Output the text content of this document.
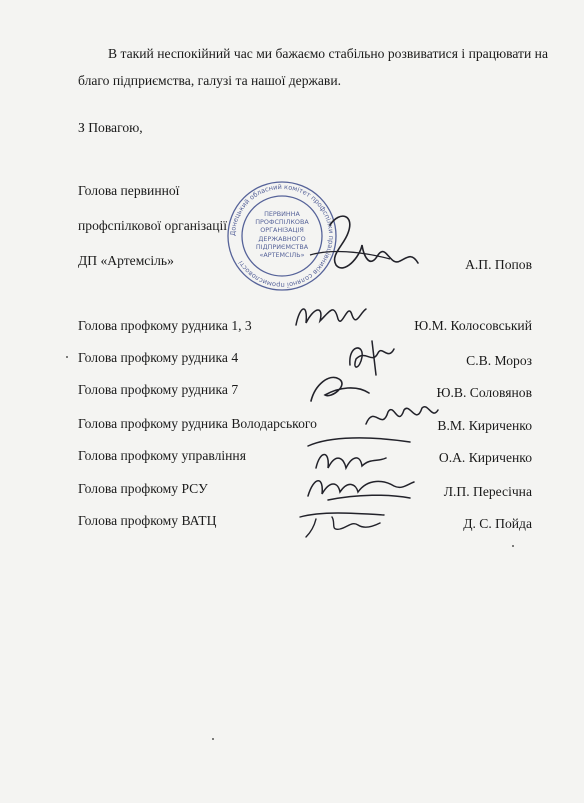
В такий неспокійний час ми бажаємо стабільно розвиватися і працювати на благо підприємства, галузі та нашої держави.
З Повагою,
Голова первинної
профспілкової організації
ДП «Артемсіль»	А.П. Попов
Голова профкому рудника 1, 3	Ю.М. Колосовський
Голова профкому рудника 4	С.В. Мороз
Голова профкому рудника 7	Ю.В. Соловянов
Голова профкому рудника Володарського	В.М. Кириченко
Голова профкому управління	О.А. Кириченко
Голова профкому РСУ	Л.П. Пересічна
Голова профкому ВАТЦ	Д. С. Пойда
Донецький обласний комітет профспілки працівників соляної промисловості
ПЕРВИННА ПРОФСПІЛКОВА ОРГАНІЗАЦІЯ ДЕРЖАВНОГО ПІДПРИЄМСТВА «АРТЕМСІЛЬ»
